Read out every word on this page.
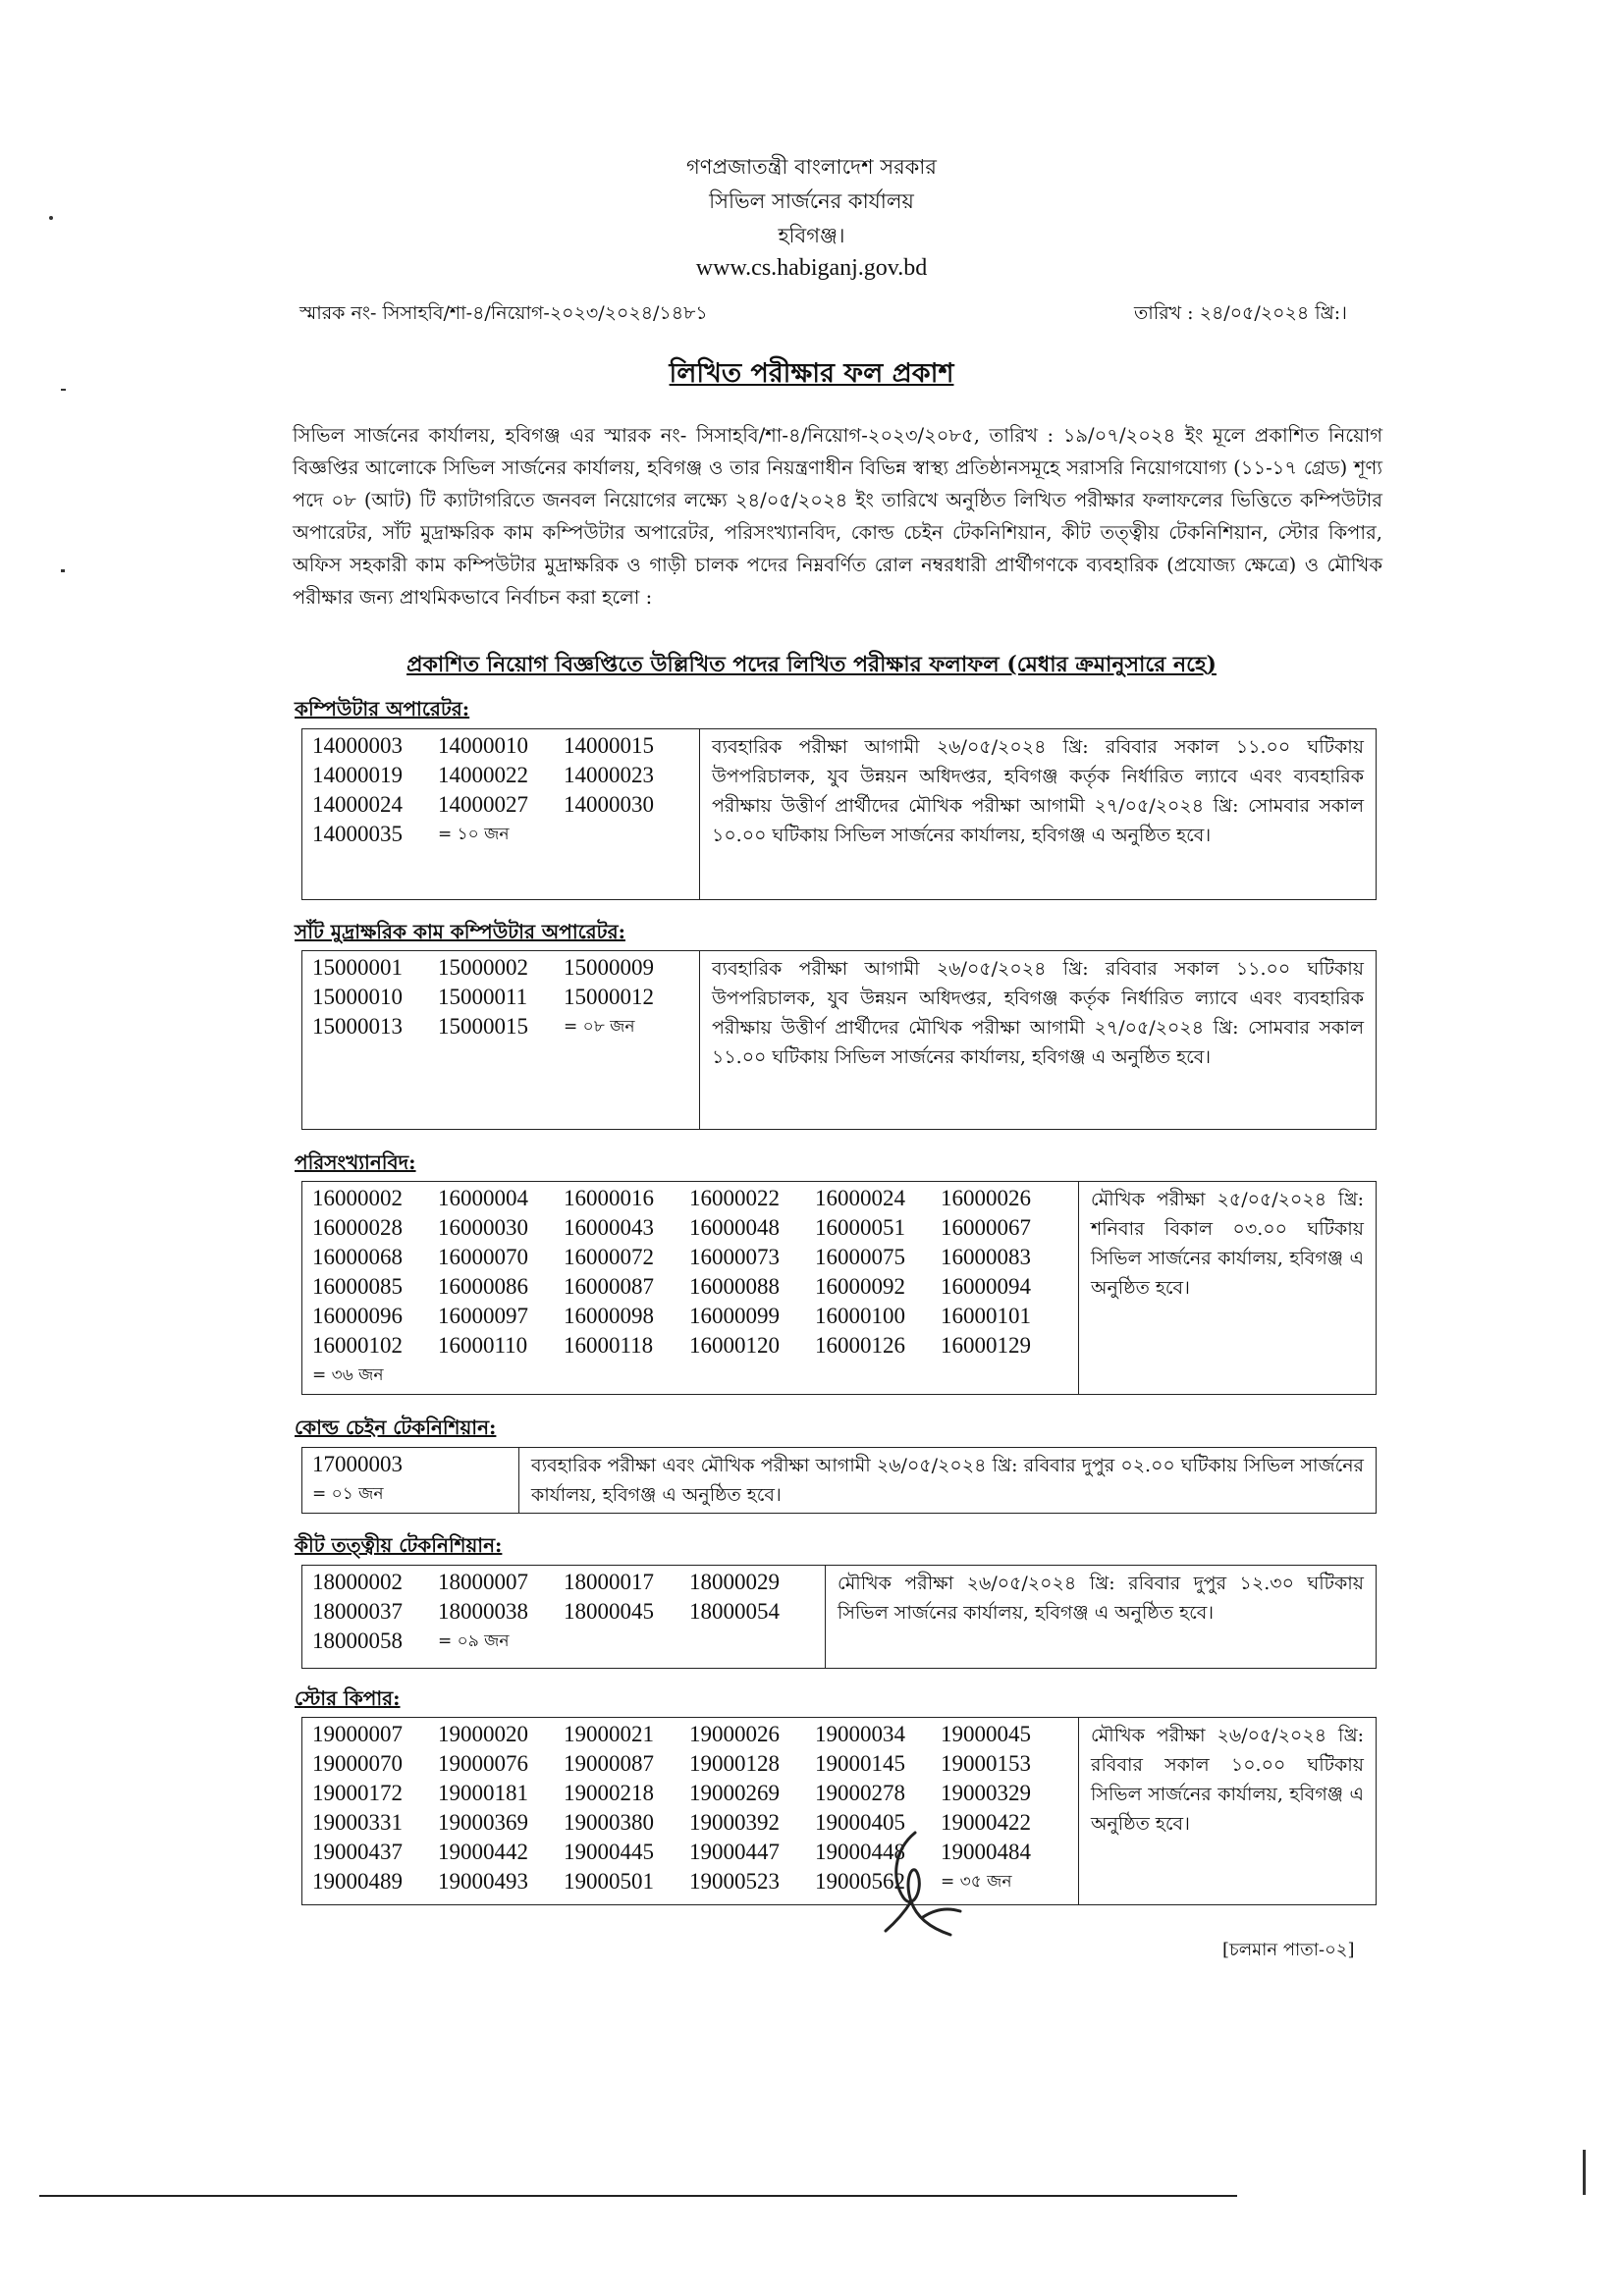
গণপ্রজাতন্ত্রী বাংলাদেশ সরকার
সিভিল সার্জনের কার্যালয়
হবিগঞ্জ।
www.cs.habiganj.gov.bd
স্মারক নং- সিসাহবি/শা-৪/নিয়োগ-২০২৩/২০২৪/১৪৮১	তারিখ : ২৪/০৫/২০২৪ খ্রি:।
লিখিত পরীক্ষার ফল প্রকাশ
সিভিল সার্জনের কার্যালয়, হবিগঞ্জ এর স্মারক নং- সিসাহবি/শা-৪/নিয়োগ-২০২৩/২০৮৫, তারিখ : ১৯/০৭/২০২৪ ইং মূলে প্রকাশিত নিয়োগ বিজ্ঞপ্তির আলোকে সিভিল সার্জনের কার্যালয়, হবিগঞ্জ ও তার নিয়ন্ত্রণাধীন বিভিন্ন স্বাস্থ্য প্রতিষ্ঠানসমূহে সরাসরি নিয়োগযোগ্য (১১-১৭ গ্রেড) শূণ্য পদে ০৮ (আট) টি ক্যাটাগরিতে জনবল নিয়োগের লক্ষ্যে ২৪/০৫/২০২৪ ইং তারিখে অনুষ্ঠিত লিখিত পরীক্ষার ফলাফলের ভিত্তিতে কম্পিউটার অপারেটর, সাঁট মুদ্রাক্ষরিক কাম কম্পিউটার অপারেটর, পরিসংখ্যানবিদ, কোল্ড চেইন টেকনিশিয়ান, কীট তত্ত্বীয় টেকনিশিয়ান, স্টোর কিপার, অফিস সহকারী কাম কম্পিউটার মুদ্রাক্ষরিক ও গাড়ী চালক পদের নিম্নবর্ণিত রোল নম্বরধারী প্রার্থীগণকে ব্যবহারিক (প্রযোজ্য ক্ষেত্রে) ও মৌখিক পরীক্ষার জন্য প্রাথমিকভাবে নির্বাচন করা হলো :
প্রকাশিত নিয়োগ বিজ্ঞপ্তিতে উল্লিখিত পদের লিখিত পরীক্ষার ফলাফল (মেধার ক্রমানুসারে নহে)
কম্পিউটার অপারেটর:
14000003	14000010	14000015
14000019	14000022	14000023
14000024	14000027	14000030
14000035	= ১০ জন
	ব্যবহারিক পরীক্ষা আগামী ২৬/০৫/২০২৪ খ্রি: রবিবার সকাল ১১.০০ ঘটিকায় উপপরিচালক, যুব উন্নয়ন অধিদপ্তর, হবিগঞ্জ কর্তৃক নির্ধারিত ল্যাবে এবং ব্যবহারিক পরীক্ষায় উত্তীর্ণ প্রার্থীদের মৌখিক পরীক্ষা আগামী ২৭/০৫/২০২৪ খ্রি: সোমবার সকাল ১০.০০ ঘটিকায় সিভিল সার্জনের কার্যালয়, হবিগঞ্জ এ অনুষ্ঠিত হবে।
সাঁট মুদ্রাক্ষরিক কাম কম্পিউটার অপারেটর:
15000001	15000002	15000009
15000010	15000011	15000012
15000013	15000015	= ০৮ জন
	ব্যবহারিক পরীক্ষা আগামী ২৬/০৫/২০২৪ খ্রি: রবিবার সকাল ১১.০০ ঘটিকায় উপপরিচালক, যুব উন্নয়ন অধিদপ্তর, হবিগঞ্জ কর্তৃক নির্ধারিত ল্যাবে এবং ব্যবহারিক পরীক্ষায় উত্তীর্ণ প্রার্থীদের মৌখিক পরীক্ষা আগামী ২৭/০৫/২০২৪ খ্রি: সোমবার সকাল ১১.০০ ঘটিকায় সিভিল সার্জনের কার্যালয়, হবিগঞ্জ এ অনুষ্ঠিত হবে।
পরিসংখ্যানবিদ:
16000002	16000004	16000016	16000022	16000024	16000026
16000028	16000030	16000043	16000048	16000051	16000067
16000068	16000070	16000072	16000073	16000075	16000083
16000085	16000086	16000087	16000088	16000092	16000094
16000096	16000097	16000098	16000099	16000100	16000101
16000102	16000110	16000118	16000120	16000126	16000129
= ৩৬ জন
	মৌখিক পরীক্ষা ২৫/০৫/২০২৪ খ্রি: শনিবার বিকাল ০৩.০০ ঘটিকায় সিভিল সার্জনের কার্যালয়, হবিগঞ্জ এ অনুষ্ঠিত হবে।
কোল্ড চেইন টেকনিশিয়ান:
17000003
= ০১ জন
	ব্যবহারিক পরীক্ষা এবং মৌখিক পরীক্ষা আগামী ২৬/০৫/২০২৪ খ্রি: রবিবার দুপুর ০২.০০ ঘটিকায় সিভিল সার্জনের কার্যালয়, হবিগঞ্জ এ অনুষ্ঠিত হবে।
কীট তত্ত্বীয় টেকনিশিয়ান:
18000002	18000007	18000017	18000029
18000037	18000038	18000045	18000054
18000058	= ০৯ জন
	মৌখিক পরীক্ষা ২৬/০৫/২০২৪ খ্রি: রবিবার দুপুর ১২.৩০ ঘটিকায় সিভিল সার্জনের কার্যালয়, হবিগঞ্জ এ অনুষ্ঠিত হবে।
স্টোর কিপার:
19000007	19000020	19000021	19000026	19000034	19000045
19000070	19000076	19000087	19000128	19000145	19000153
19000172	19000181	19000218	19000269	19000278	19000329
19000331	19000369	19000380	19000392	19000405	19000422
19000437	19000442	19000445	19000447	19000448	19000484
19000489	19000493	19000501	19000523	19000562	= ৩৫ জন
	মৌখিক পরীক্ষা ২৬/০৫/২০২৪ খ্রি: রবিবার সকাল ১০.০০ ঘটিকায় সিভিল সার্জনের কার্যালয়, হবিগঞ্জ এ অনুষ্ঠিত হবে।
[চলমান পাতা-০২]
